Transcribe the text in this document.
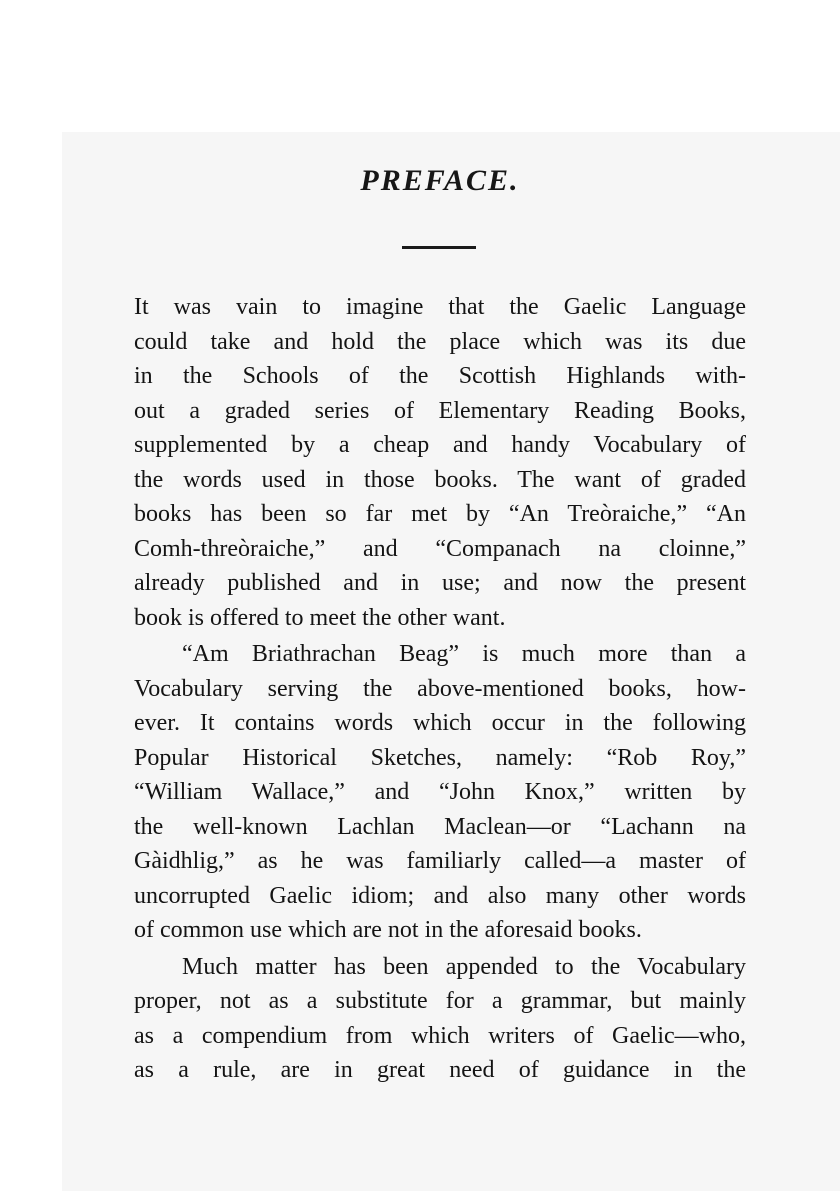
PREFACE.
It was vain to imagine that the Gaelic Language
could take and hold the place which was its due
in the Schools of the Scottish Highlands with-
out a graded series of Elementary Reading Books,
supplemented by a cheap and handy Vocabulary of
the words used in those books. The want of graded
books has been so far met by “An Treòraiche,” “An
Comh-threòraiche,” and “Companach na cloinne,”
already published and in use; and now the present
book is offered to meet the other want.
“Am Briathrachan Beag” is much more than a
Vocabulary serving the above-mentioned books, how-
ever. It contains words which occur in the following
Popular Historical Sketches, namely: “Rob Roy,”
“William Wallace,” and “John Knox,” written by
the well-known Lachlan Maclean—or “Lachann na
Gàidhlig,” as he was familiarly called—a master of
uncorrupted Gaelic idiom; and also many other words
of common use which are not in the aforesaid books.
Much matter has been appended to the Vocabulary
proper, not as a substitute for a grammar, but mainly
as a compendium from which writers of Gaelic—who,
as a rule, are in great need of guidance in the
